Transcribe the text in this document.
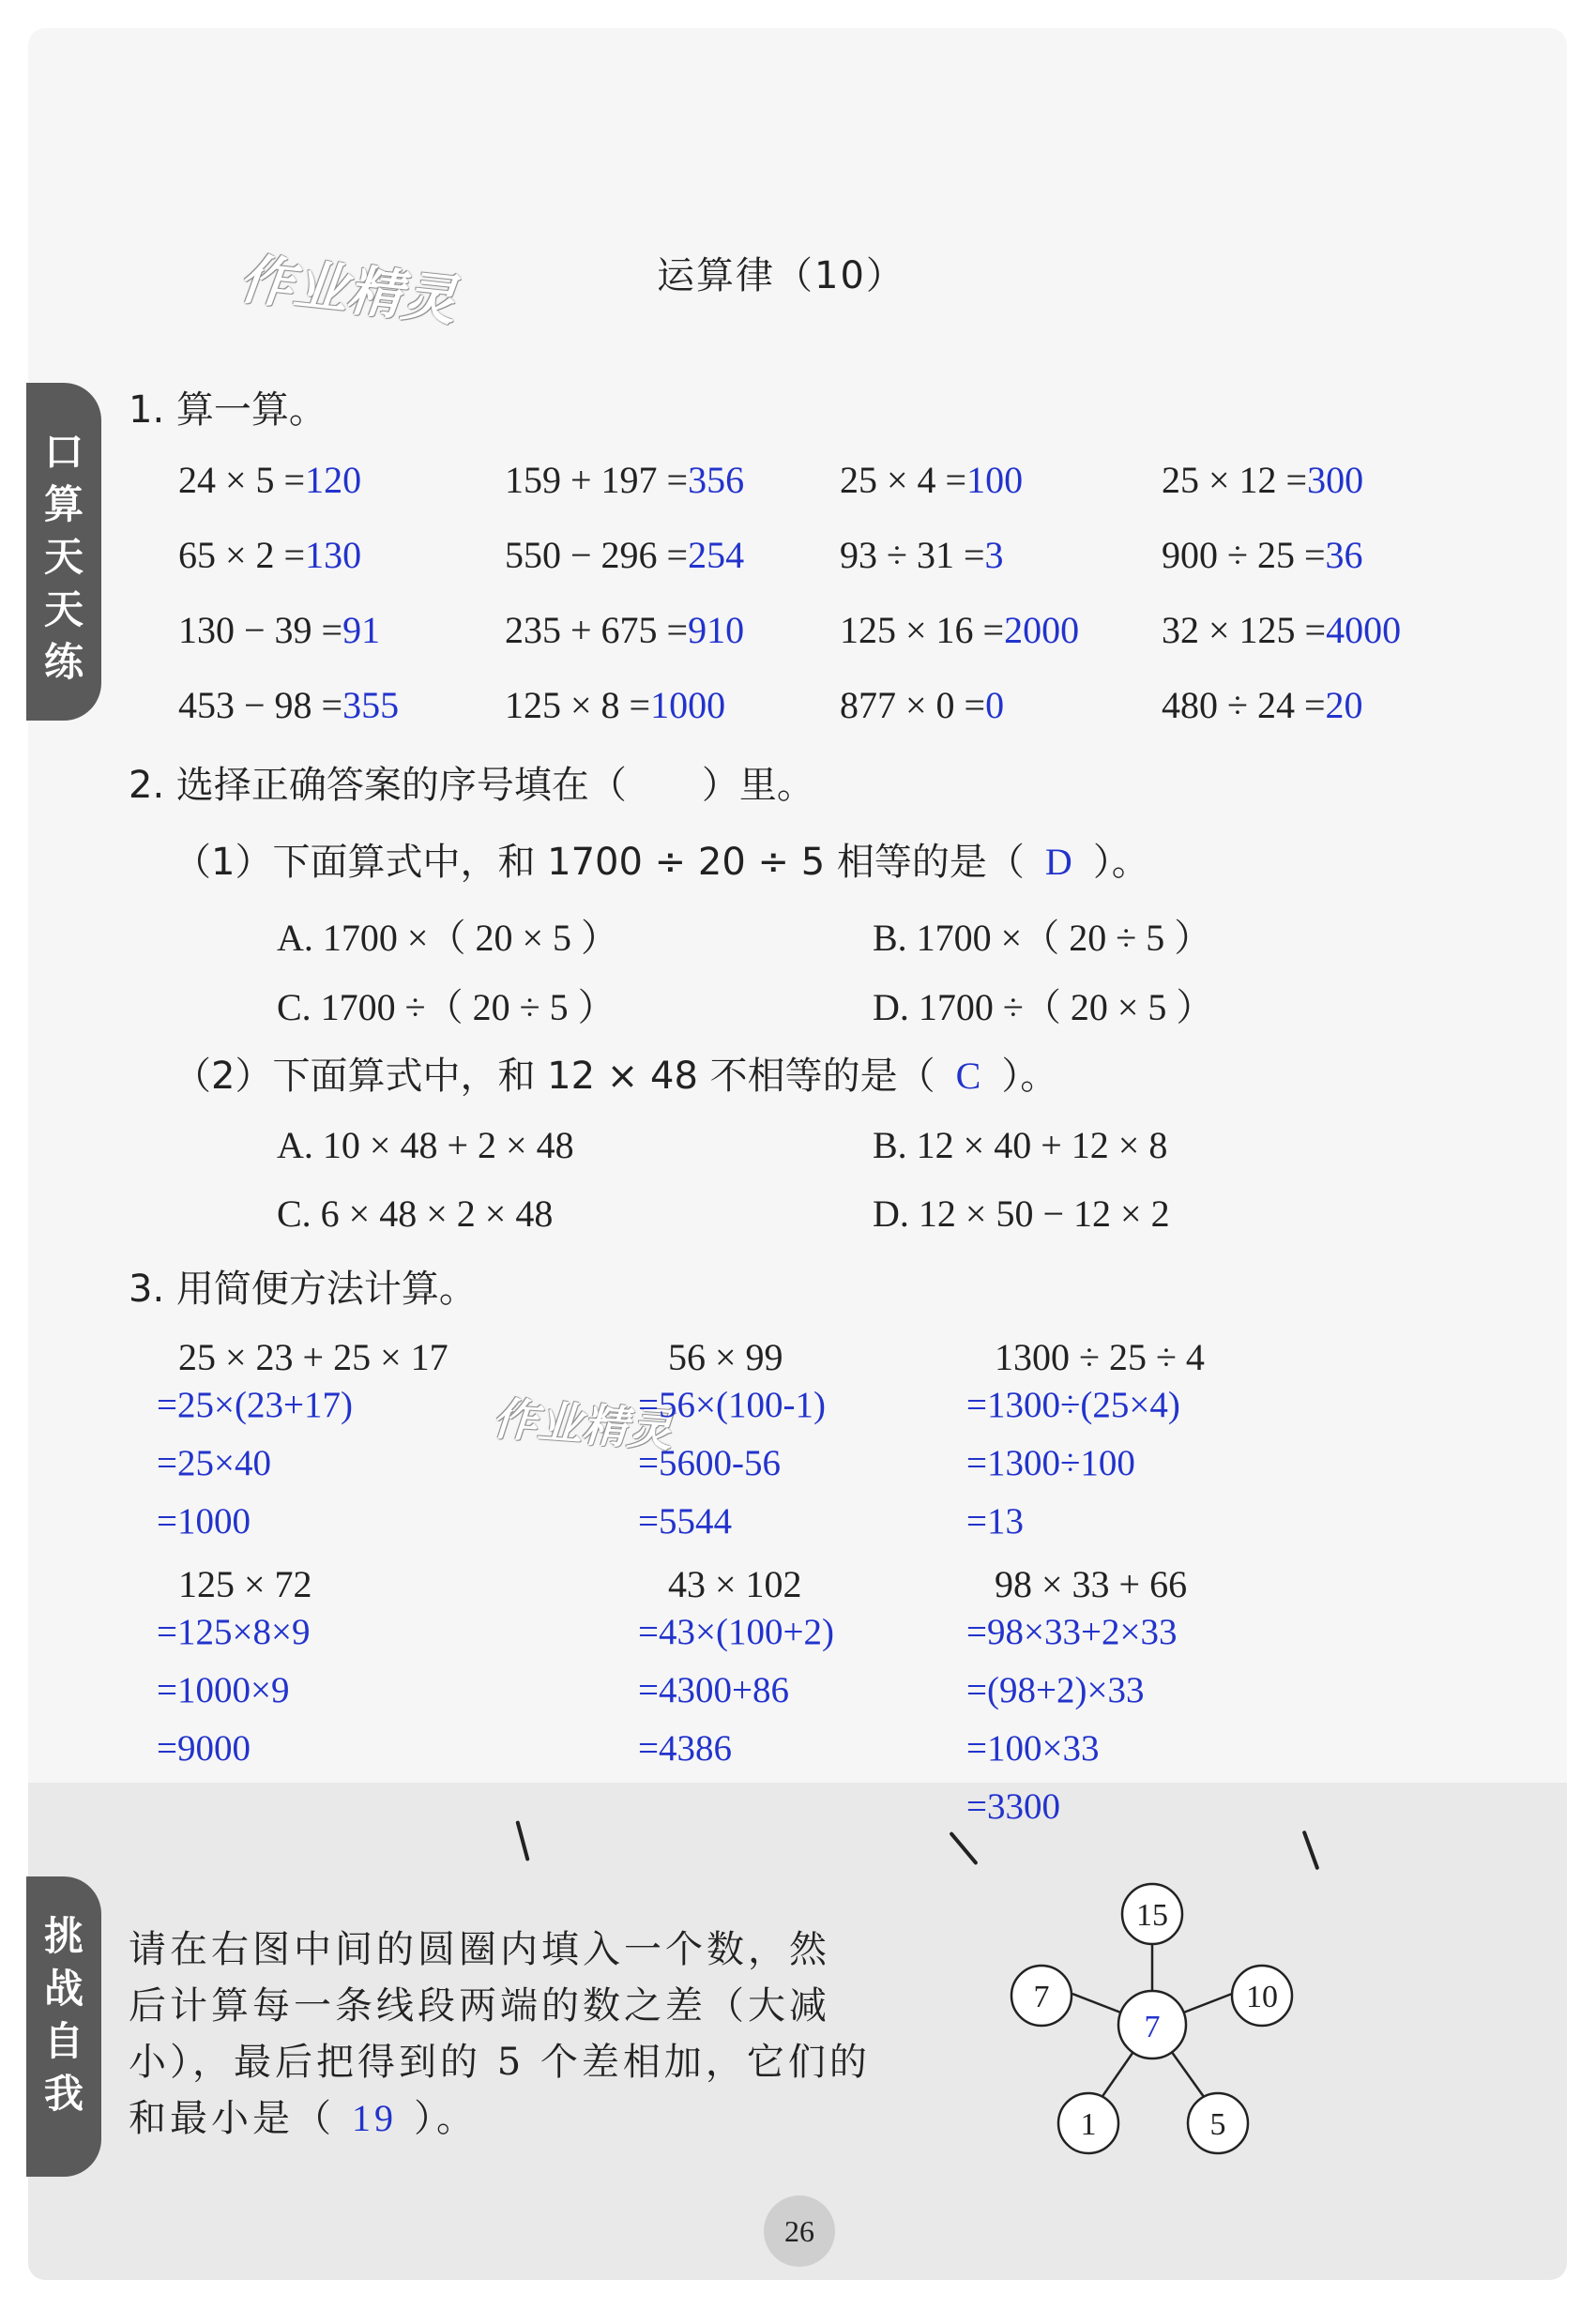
作业精灵
作业精灵
运算律（10）
口
算
天
天
练
1. 算一算。
24 × 5 =120	159 + 197 =356	25 × 4 =100	25 × 12 =300
65 × 2 =130	550 − 296 =254	93 ÷ 31 =3	900 ÷ 25 =36
130 − 39 =91	235 + 675 =910	125 × 16 =2000 32 × 125 =4000
453 − 98 =355	125 × 8 =1000	877 × 0 =0	480 ÷ 24 =20
2. 选择正确答案的序号填在（　　）里。
（1）下面算式中，和 1700 ÷ 20 ÷ 5 相等的是（ D ）。
A. 1700 ×（ 20 × 5 ）	B. 1700 ×（ 20 ÷ 5 ）
C. 1700 ÷（ 20 ÷ 5 ）	D. 1700 ÷（ 20 × 5 ）
（2）下面算式中，和 12 × 48 不相等的是（ C ）。
A. 10 × 48 + 2 × 48	B. 12 × 40 + 12 × 8
C. 6 × 48 × 2 × 48	D. 12 × 50 − 12 × 2
3. 用简便方法计算。
25 × 23 + 25 × 17
=25×(23+17)
=25×40
=1000
56 × 99
=56×(100-1)
=5600-56
=5544
1300 ÷ 25 ÷ 4
=1300÷(25×4)
=1300÷100
=13
125 × 72
=125×8×9
=1000×9
=9000
43 × 102
=43×(100+2)
=4300+86
=4386
98 × 33 + 66
=98×33+2×33
=(98+2)×33
=100×33
=3300
挑
战
自
我
请在右图中间的圆圈内填入一个数，然
后计算每一条线段两端的数之差（大减
小），最后把得到的 5 个差相加，它们的
和最小是（ 19 ）。
15
10
5
1
7
7
26
